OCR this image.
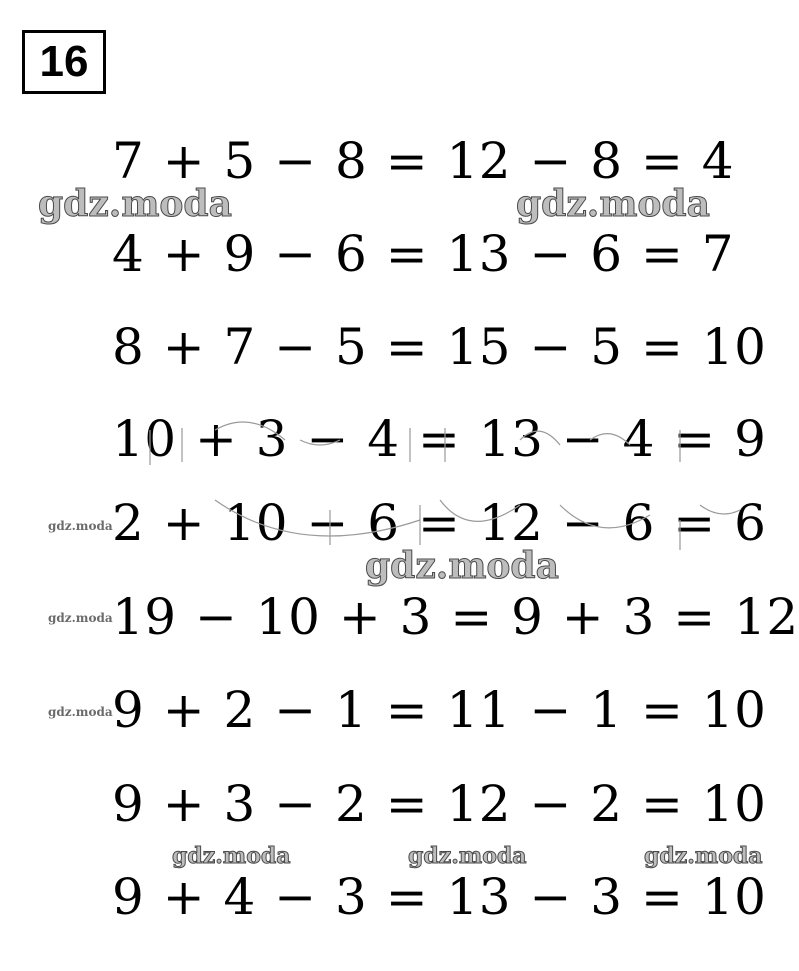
16
7 + 5 − 8 = 12 − 8 = 4
4 + 9 − 6 = 13 − 6 = 7
8 + 7 − 5 = 15 − 5 = 10
10 + 3 − 4 = 13 − 4 = 9
2 + 10 − 6 = 12 − 6 = 6
19 − 10 + 3 = 9 + 3 = 12
9 + 2 − 1 = 11 − 1 = 10
9 + 3 − 2 = 12 − 2 = 10
9 + 4 − 3 = 13 − 3 = 10
gdz.moda	gdz.moda
gdz.moda
gdz.moda
gdz.moda
gdz.moda
gdz.moda	gdz.moda	gdz.moda
